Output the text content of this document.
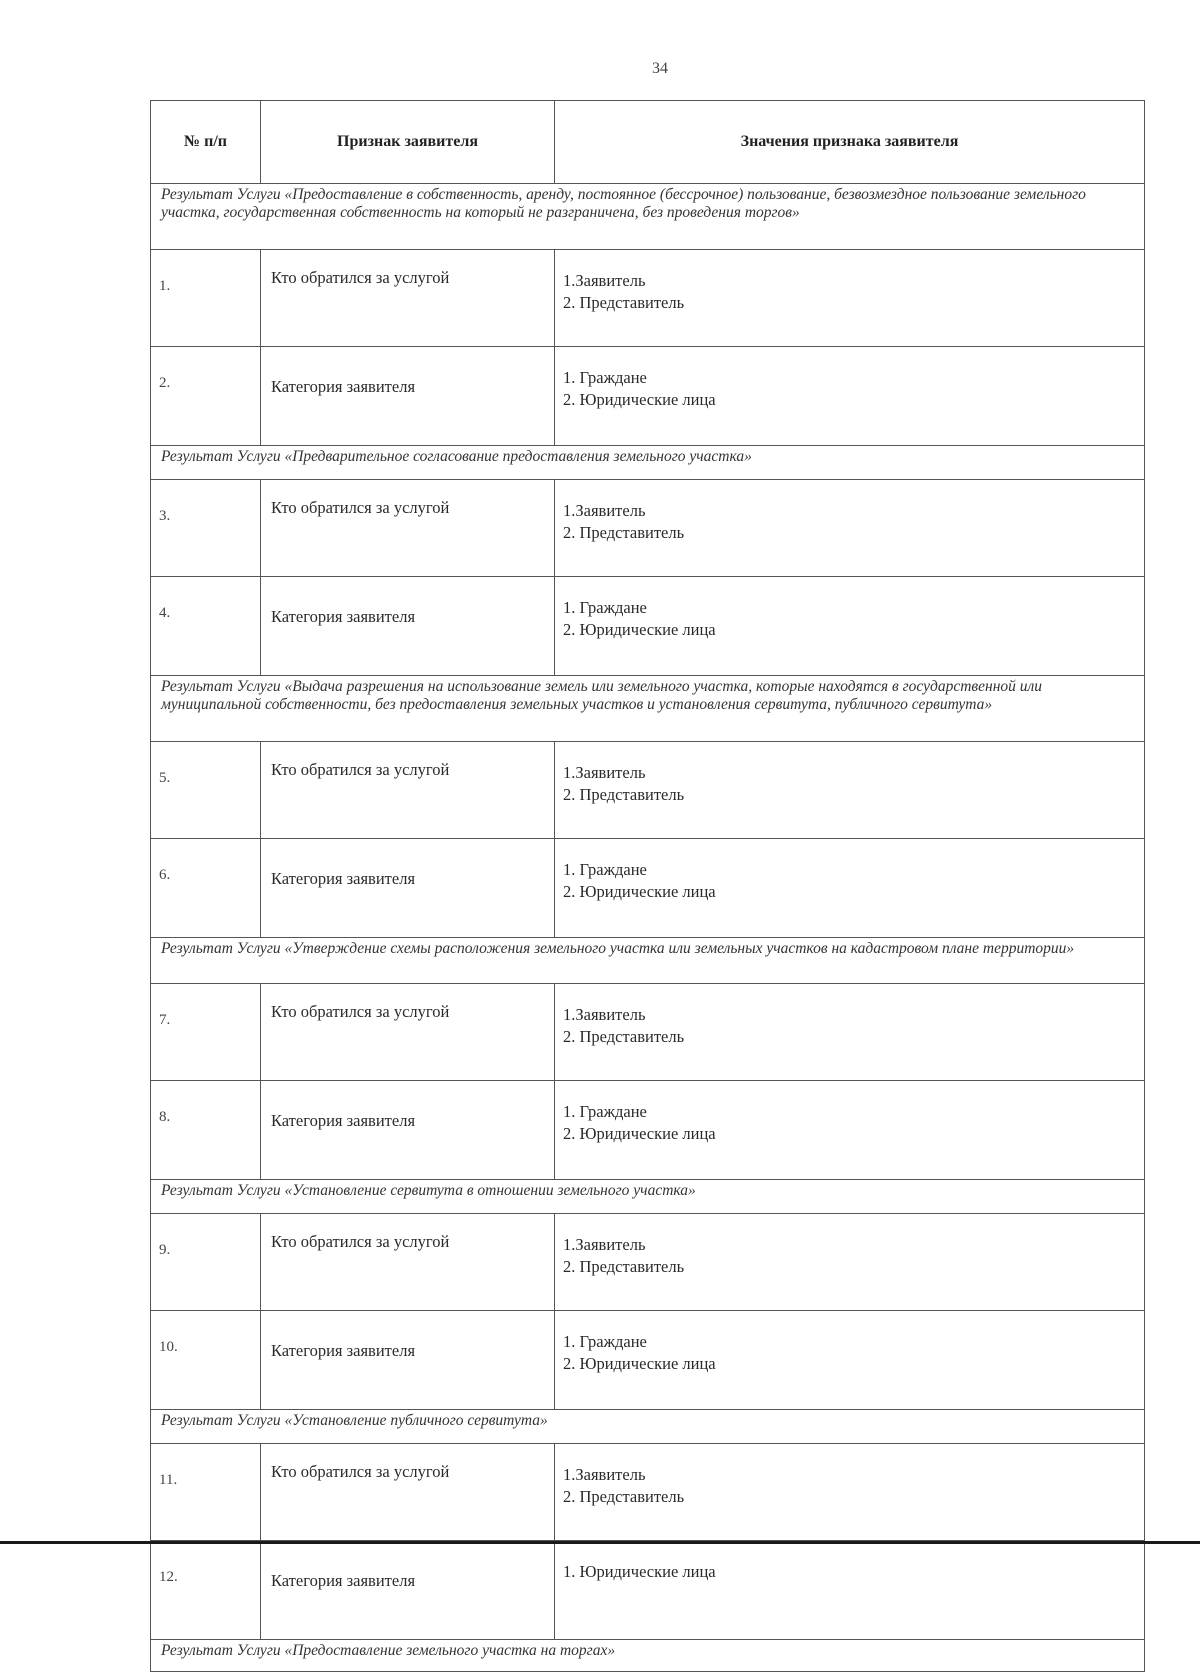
34
№ п/п	Признак заявителя	Значения признака заявителя
Результат Услуги «Предоставление в собственность, аренду, постоянное (бессрочное) пользование, безвозмездное пользование земельного участка, государственная собственность на который не разграничена, без проведения торгов»		
1.	Кто обратился за услугой	1.Заявитель
2. Представитель

2.	Категория заявителя	1. Граждане
2. Юридические лица

Результат Услуги «Предварительное согласование предоставления земельного участка»		
3.	Кто обратился за услугой	1.Заявитель
2. Представитель

4.	Категория заявителя	1. Граждане
2. Юридические лица

Результат Услуги «Выдача разрешения на использование земель или земельного участка, которые находятся в государственной или муниципальной собственности, без предоставления земельных участков и установления сервитута, публичного сервитута»		
5.	Кто обратился за услугой	1.Заявитель
2. Представитель

6.	Категория заявителя	1. Граждане
2. Юридические лица

Результат Услуги «Утверждение схемы расположения земельного участка или земельных участков на кадастровом плане территории»		
7.	Кто обратился за услугой	1.Заявитель
2. Представитель

8.	Категория заявителя	1. Граждане
2. Юридические лица

Результат Услуги «Установление сервитута в отношении земельного участка»		
9.	Кто обратился за услугой	1.Заявитель
2. Представитель

10.	Категория заявителя	1. Граждане
2. Юридические лица

Результат Услуги «Установление публичного сервитута»		
11.	Кто обратился за услугой	1.Заявитель
2. Представитель

12.	Категория заявителя	1. Юридические лица

Результат Услуги «Предоставление земельного участка на торгах»		
